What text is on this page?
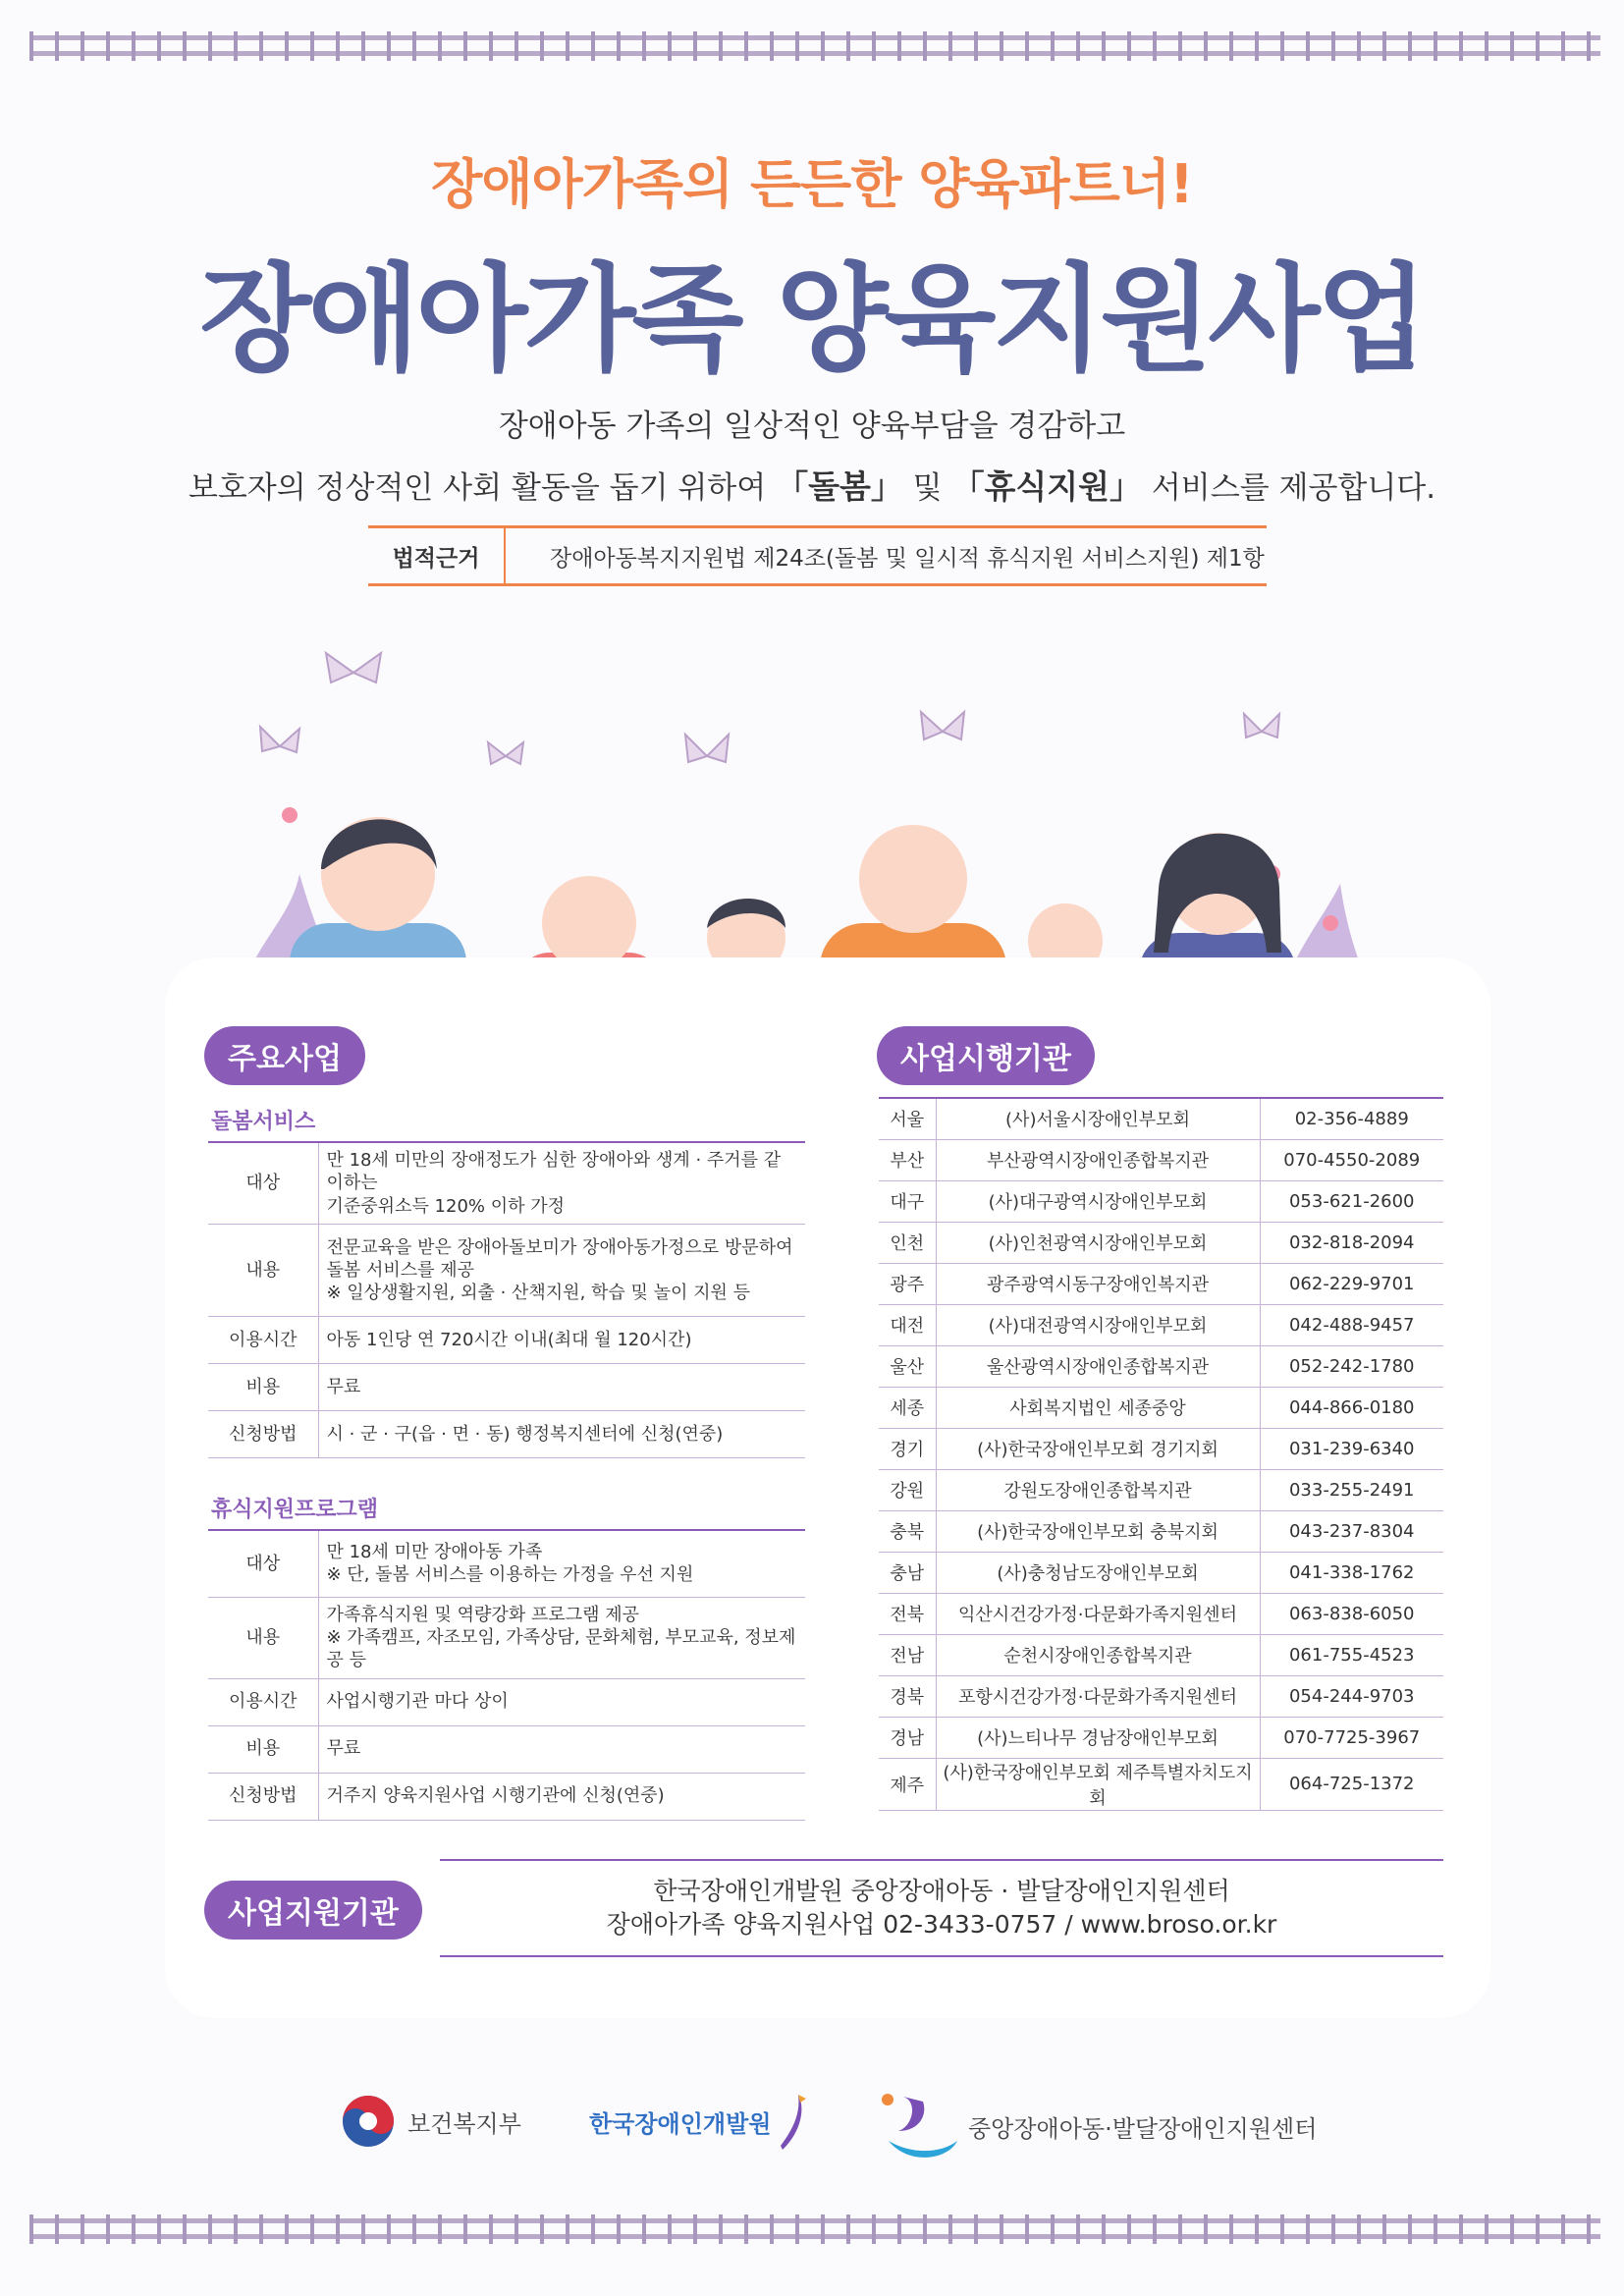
장애아가족의 든든한 양육파트너!
장애아가족 양육지원사업
장애아동 가족의 일상적인 양육부담을 경감하고
보호자의 정상적인 사회 활동을 돕기 위하여 「돌봄」 및 「휴식지원」 서비스를 제공합니다.
법적근거	장애아동복지지원법 제24조(돌봄 및 일시적 휴식지원 서비스지원) 제1항
주요사업
돌봄서비스
대상	만 18세 미만의 장애정도가 심한 장애아와 생계 · 주거를 같이하는
기준중위소득 120% 이하 가정

내용	전문교육을 받은 장애아돌보미가 장애아동가정으로 방문하여
돌봄 서비스를 제공
※ 일상생활지원, 외출 · 산책지원, 학습 및 놀이 지원 등

이용시간	아동 1인당 연 720시간 이내(최대 월 120시간)
비용	무료
신청방법	시 · 군 · 구(읍 · 면 · 동) 행정복지센터에 신청(연중)
휴식지원프로그램
대상	만 18세 미만 장애아동 가족
※ 단, 돌봄 서비스를 이용하는 가정을 우선 지원

내용	가족휴식지원 및 역량강화 프로그램 제공
※ 가족캠프, 자조모임, 가족상담, 문화체험, 부모교육, 정보제공 등

이용시간	사업시행기관 마다 상이
비용	무료
신청방법	거주지 양육지원사업 시행기관에 신청(연중)
사업시행기관
서울	(사)서울시장애인부모회	02-356-4889
부산	부산광역시장애인종합복지관	070-4550-2089
대구	(사)대구광역시장애인부모회	053-621-2600
인천	(사)인천광역시장애인부모회	032-818-2094
광주	광주광역시동구장애인복지관	062-229-9701
대전	(사)대전광역시장애인부모회	042-488-9457
울산	울산광역시장애인종합복지관	052-242-1780
세종	사회복지법인 세종중앙	044-866-0180
경기	(사)한국장애인부모회 경기지회	031-239-6340
강원	강원도장애인종합복지관	033-255-2491
충북	(사)한국장애인부모회 충북지회	043-237-8304
충남	(사)충청남도장애인부모회	041-338-1762
전북	익산시건강가정·다문화가족지원센터	063-838-6050
전남	순천시장애인종합복지관	061-755-4523
경북	포항시건강가정·다문화가족지원센터	054-244-9703
경남	(사)느티나무 경남장애인부모회	070-7725-3967
제주	(사)한국장애인부모회 제주특별자치도지회	064-725-1372
사업지원기관
한국장애인개발원 중앙장애아동 · 발달장애인지원센터
장애아가족 양육지원사업 02-3433-0757 / www.broso.or.kr
보건복지부	한국장애인개발원	중앙장애아동·발달장애인지원센터
